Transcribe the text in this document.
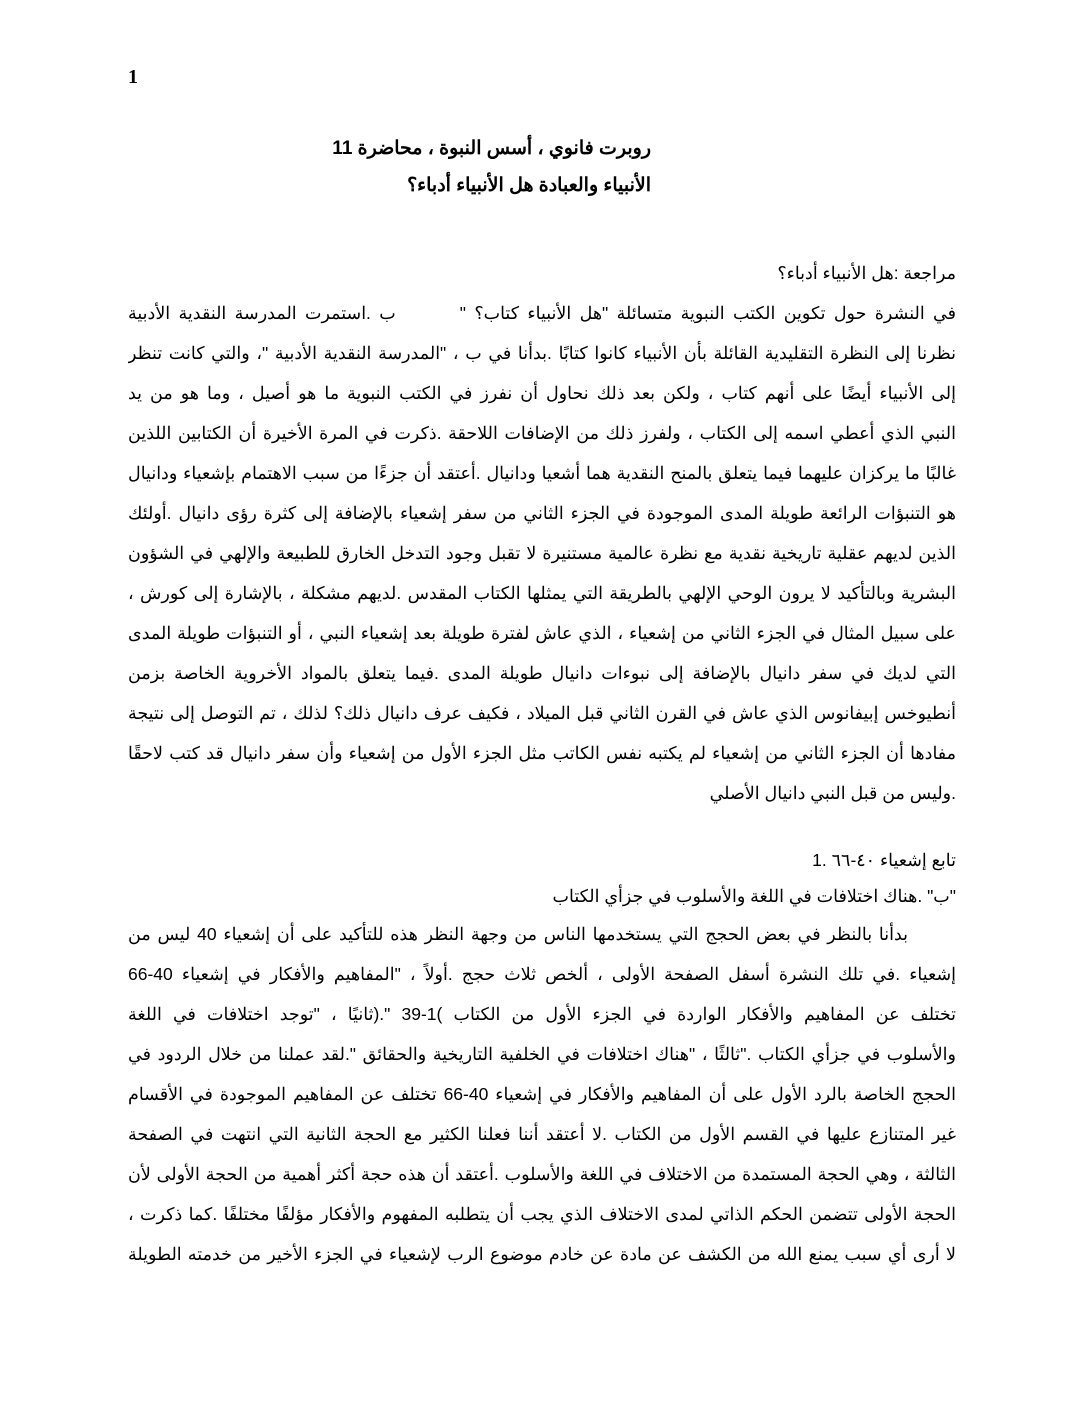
1
روبرت فانوي ، أسس النبوة ، محاضرة 11
الأنبياء والعبادة هل الأنبياء أدباء؟
مراجعة :هل الأنبياء أدباء؟
في النشرة حول تكوين الكتب النبوية متسائلة "هل الأنبياء كتاب؟ "ب .استمرت المدرسة النقدية الأدبية
نظرنا إلى النظرة التقليدية القائلة بأن الأنبياء كانوا كتابًا .بدأنا في ب ، "المدرسة النقدية الأدبية "، والتي كانت تنظر
إلى الأنبياء أيضًا على أنهم كتاب ، ولكن بعد ذلك نحاول أن نفرز في الكتب النبوية ما هو أصيل ، وما هو من يد
النبي الذي أعطي اسمه إلى الكتاب ، ولفرز ذلك من الإضافات اللاحقة .ذكرت في المرة الأخيرة أن الكتابين اللذين
غالبًا ما يركزان عليهما فيما يتعلق بالمنح النقدية هما أشعيا ودانيال .أعتقد أن جزءًا من سبب الاهتمام بإشعياء ودانيال
هو التنبؤات الرائعة طويلة المدى الموجودة في الجزء الثاني من سفر إشعياء بالإضافة إلى كثرة رؤى دانيال .أولئك
الذين لديهم عقلية تاريخية نقدية مع نظرة عالمية مستنيرة لا تقبل وجود التدخل الخارق للطبيعة والإلهي في الشؤون
البشرية وبالتأكيد لا يرون الوحي الإلهي بالطريقة التي يمثلها الكتاب المقدس .لديهم مشكلة ، بالإشارة إلى كورش ،
على سبيل المثال في الجزء الثاني من إشعياء ، الذي عاش لفترة طويلة بعد إشعياء النبي ، أو التنبؤات طويلة المدى
التي لديك في سفر دانيال بالإضافة إلى نبوءات دانيال طويلة المدى .فيما يتعلق بالمواد الأخروية الخاصة بزمن
أنطيوخس إبيفانوس الذي عاش في القرن الثاني قبل الميلاد ، فكيف عرف دانيال ذلك؟ لذلك ، تم التوصل إلى نتيجة
مفادها أن الجزء الثاني من إشعياء لم يكتبه نفس الكاتب مثل الجزء الأول من إشعياء وأن سفر دانيال قد كتب لاحقًا
.وليس من قبل النبي دانيال الأصلي
تابع إشعياء ٤٠-٦٦ .1
"ب" .هناك اختلافات في اللغة والأسلوب في جزأي الكتاب
بدأنا بالنظر في بعض الحجج التي يستخدمها الناس من وجهة النظر هذه للتأكيد على أن إشعياء 40 ليس من
إشعياء .في تلك النشرة أسفل الصفحة الأولى ، ألخص ثلاث حجج .أولاً ، "المفاهيم والأفكار في إشعياء 40-66
تختلف عن المفاهيم والأفكار الواردة في الجزء الأول من الكتاب )1-39 ".(ثانيًا ، "توجد اختلافات في اللغة
والأسلوب في جزأي الكتاب ."ثالثًا ، "هناك اختلافات في الخلفية التاريخية والحقائق ".لقد عملنا من خلال الردود في
الحجج الخاصة بالرد الأول على أن المفاهيم والأفكار في إشعياء 40-66 تختلف عن المفاهيم الموجودة في الأقسام
غير المتنازع عليها في القسم الأول من الكتاب .لا أعتقد أننا فعلنا الكثير مع الحجة الثانية التي انتهت في الصفحة
الثالثة ، وهي الحجة المستمدة من الاختلاف في اللغة والأسلوب .أعتقد أن هذه حجة أكثر أهمية من الحجة الأولى لأن
الحجة الأولى تتضمن الحكم الذاتي لمدى الاختلاف الذي يجب أن يتطلبه المفهوم والأفكار مؤلفًا مختلفًا .كما ذكرت ،
لا أرى أي سبب يمنع الله من الكشف عن مادة عن خادم موضوع الرب لإشعياء في الجزء الأخير من خدمته الطويلة
